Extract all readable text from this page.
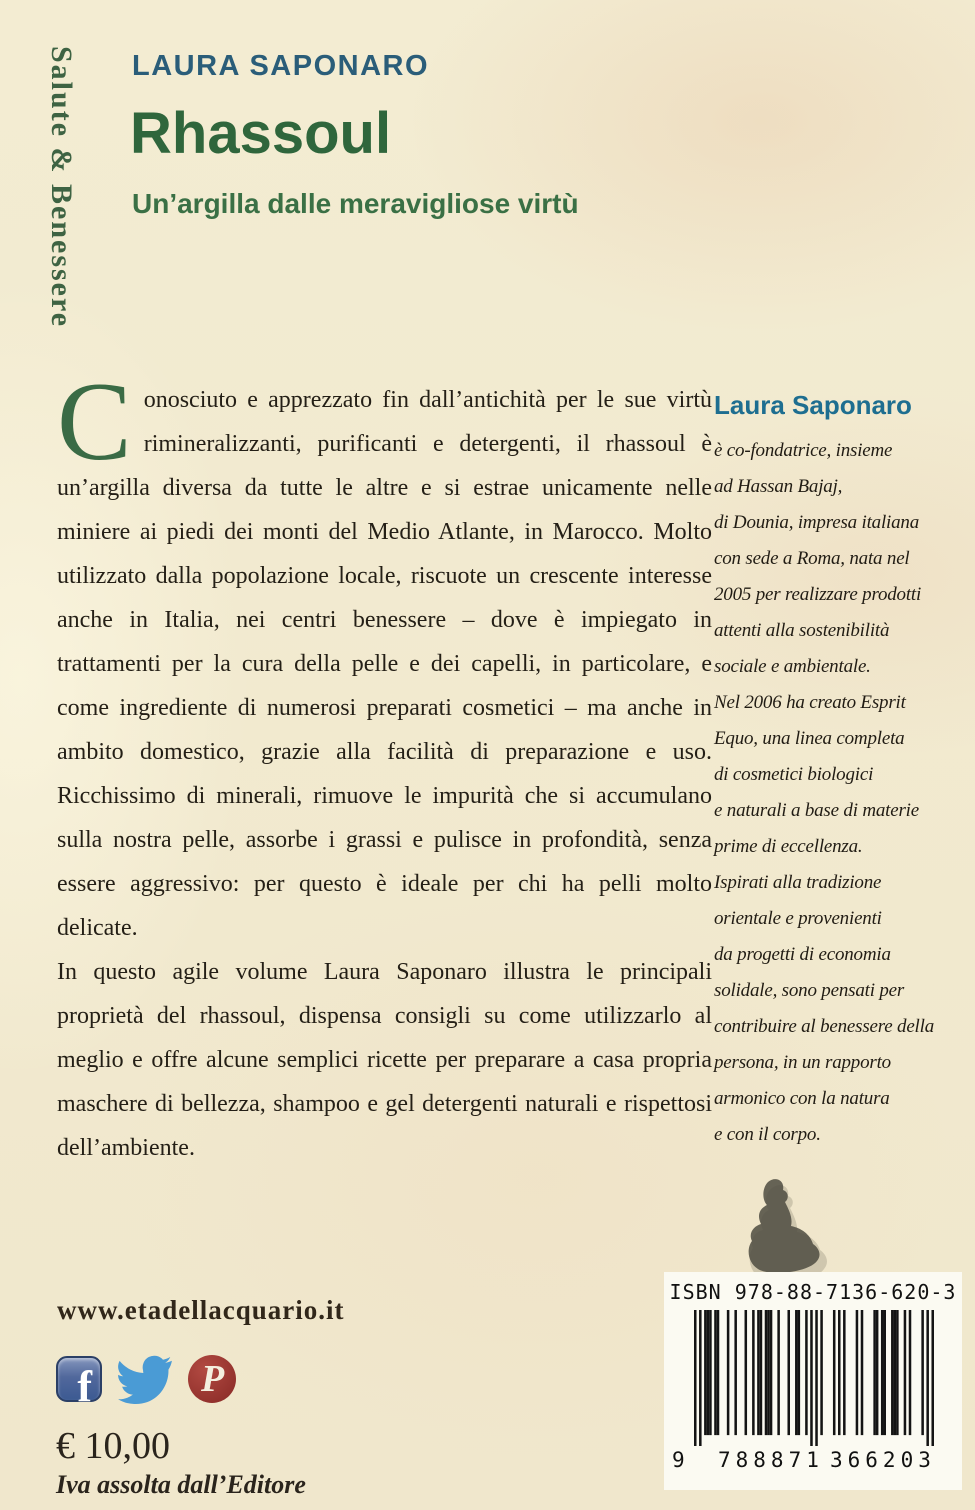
Salute & Benessere LAURA SAPONARO
Rhassoul
Un’argilla dalle meravigliose virtù

Conosciuto e apprezzato fin dall’antichità per le sue virtù rimineralizzanti, purificanti e detergenti, il rhassoul è un’argilla diversa da tutte le altre e si estrae unicamente nelle miniere ai piedi dei monti del Medio Atlante, in Marocco. Molto utilizzato dalla popolazione locale, riscuote un crescente interesse anche in Italia, nei centri benessere – dove è impiegato in trattamenti per la cura della pelle e dei capelli, in particolare, e come ingrediente di numerosi preparati cosmetici – ma anche in ambito domestico, grazie alla facilità di preparazione e uso. Ricchissimo di minerali, rimuove le impurità che si accumulano sulla nostra pelle, assorbe i grassi e pulisce in profondità, senza essere aggressivo: per questo è ideale per chi ha pelli molto delicate.

In questo agile volume Laura Saponaro illustra le principali proprietà del rhassoul, dispensa consigli su come utilizzarlo al meglio e offre alcune semplici ricette per preparare a casa propria maschere di bellezza, shampoo e gel detergenti naturali e rispettosi dell’ambiente.

Laura Saponaro
è co-fondatrice, insieme
ad Hassan Bajaj,
di Dounia, impresa italiana
con sede a Roma, nata nel
2005 per realizzare prodotti
attenti alla sostenibilità
sociale e ambientale.
Nel 2006 ha creato Esprit
Equo, una linea completa
di cosmetici biologici
e naturali a base di materie
prime di eccellenza.
Ispirati alla tradizione
orientale e provenienti
da progetti di economia
solidale, sono pensati per
contribuire al benessere della
persona, in un rapporto
armonico con la natura
e con il corpo.
www.etadellacquario.it
f	P
€ 10,00
Iva assolta dall’Editore
ISBN 978-88-7136-620-3
9 788871 366203
